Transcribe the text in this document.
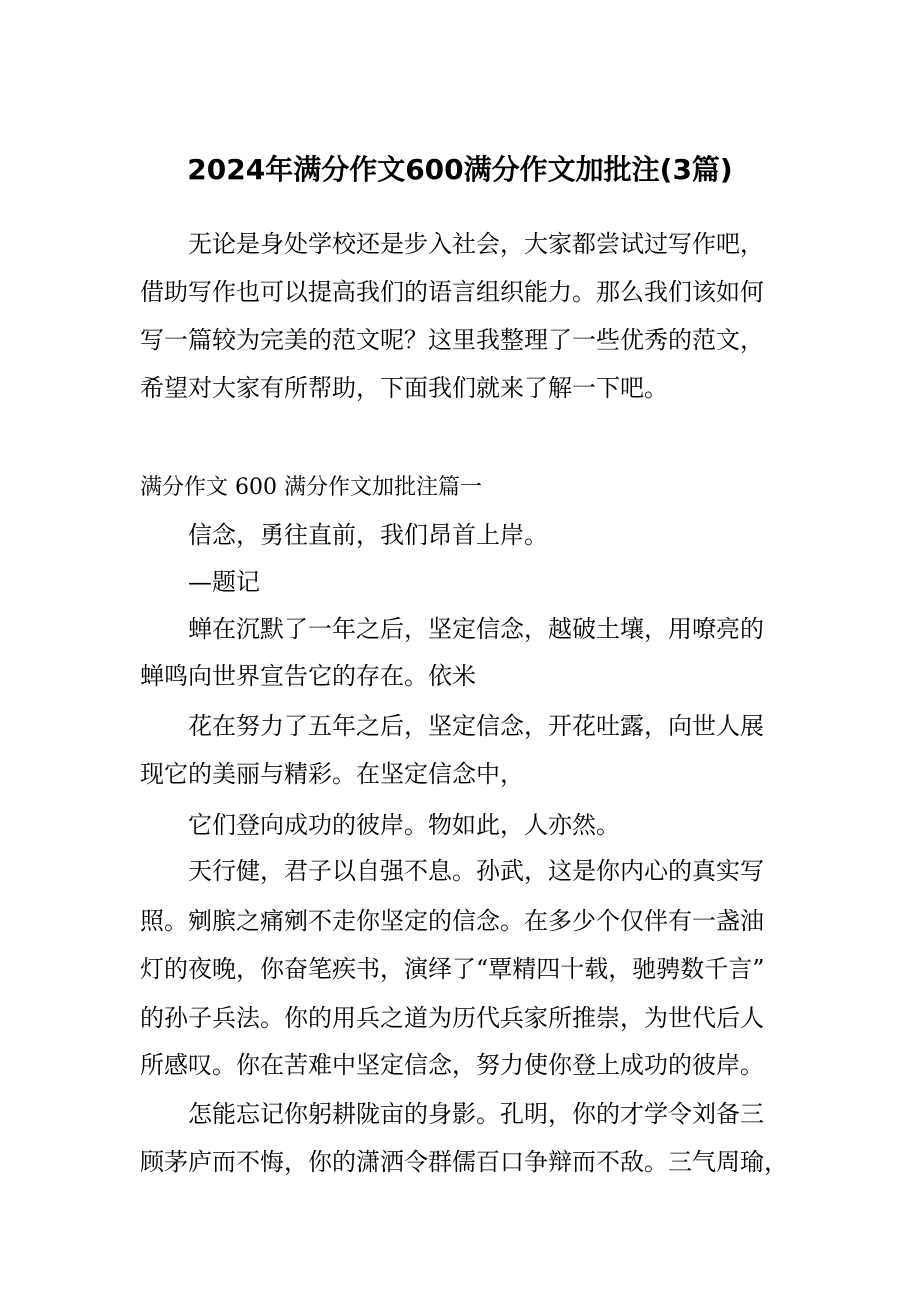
2024年满分作文600满分作文加批注(3篇)
无论是身处学校还是步入社会，大家都尝试过写作吧，
借助写作也可以提高我们的语言组织能力。那么我们该如何
写一篇较为完美的范文呢？这里我整理了一些优秀的范文，
希望对大家有所帮助，下面我们就来了解一下吧。
满分作文 600 满分作文加批注篇一
信念，勇往直前，我们昂首上岸。
—题记
蝉在沉默了一年之后，坚定信念，越破土壤，用嘹亮的
蝉鸣向世界宣告它的存在。依米
花在努力了五年之后，坚定信念，开花吐露，向世人展
现它的美丽与精彩。在坚定信念中，
它们登向成功的彼岸。物如此，人亦然。
天行健，君子以自强不息。孙武，这是你内心的真实写
照。剜膑之痛剜不走你坚定的信念。在多少个仅伴有一盏油
灯的夜晚，你奋笔疾书，演绎了“覃精四十载，驰骋数千言”
的孙子兵法。你的用兵之道为历代兵家所推崇，为世代后人
所感叹。你在苦难中坚定信念，努力使你登上成功的彼岸。
怎能忘记你躬耕陇亩的身影。孔明，你的才学令刘备三
顾茅庐而不悔，你的潇洒令群儒百口争辩而不敌。三气周瑜，
